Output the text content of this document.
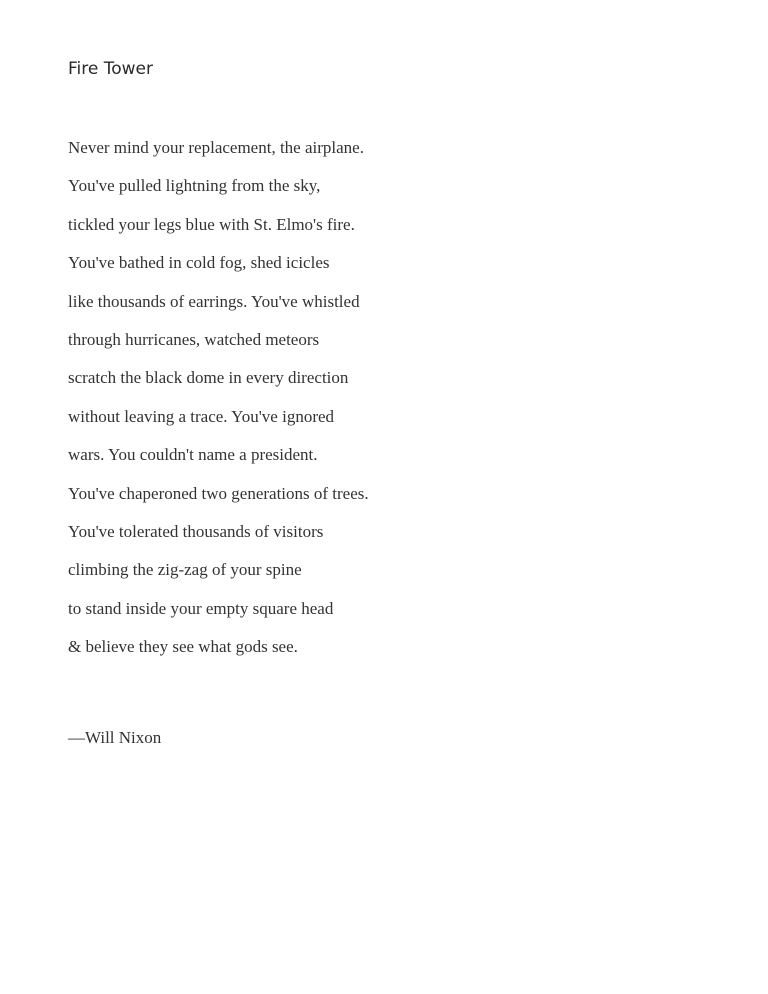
Fire Tower
Never mind your replacement, the airplane.
You've pulled lightning from the sky,
tickled your legs blue with St. Elmo's fire.
You've bathed in cold fog, shed icicles
like thousands of earrings. You've whistled
through hurricanes, watched meteors
scratch the black dome in every direction
without leaving a trace. You've ignored
wars. You couldn't name a president.
You've chaperoned two generations of trees.
You've tolerated thousands of visitors
climbing the zig-zag of your spine
to stand inside your empty square head
& believe they see what gods see.

—Will Nixon
